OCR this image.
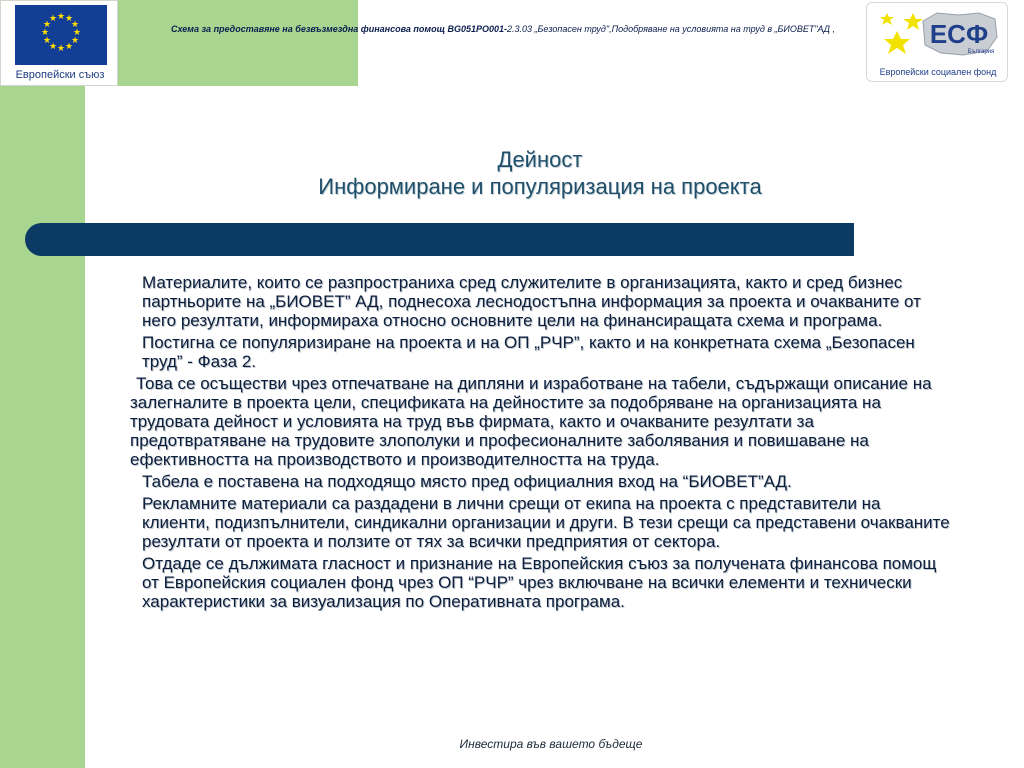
★ ★
★
★
★
★
★
★
★
★
★
★
Европейски съюз
Схема за предоставяне на безвъзмездна финансова помощ BG051PO001-2.3.03 „Безопасен труд",Подобряване на условията на труд в „БИОВЕТ"АД ,	ЕСФ
България
Европейски социален фонд
Дейност
Информиране и популяризация на проекта

Материалите, които се разпространиха сред служителите в организацията, както и сред бизнес партньорите на „БИОВЕТ” АД, поднесоха леснодостъпна информация за проекта и очакваните от него резултати, информирaхa относно основните цели на финансиращата схема и програма.

Постигна се популяризиране на проекта и на ОП „РЧР”, както и на конкретната схема „Безопасен труд” - Фаза 2.

Това се осъществи чрез отпечатване на дипляни и изработване на табели, съдържащи описание на залегналите в проекта цели, спецификата на дейностите за подобряване на организацията на трудовата дейност и условията на труд във фирмата, както и очакваните резултати за предотвратяване на трудовите злополуки и професионалните заболявания и повишаване на ефективността на производството и производителността на труда.

Табела е поставена на подходящо място пред официалния вход на “БИОВЕТ”АД.

Рекламните материали са раздадени в лични срещи от екипа на проекта с представители на клиенти, подизпълнители, синдикални организации и други. В тези срещи са представени очакваните резултати от проекта и ползите от тях за всички предприятия от сектора.

Отдаде се дължимата гласност и признание на Европейския съюз за получената финансова помощ от Европейския социален фонд чрез ОП “РЧР” чрез включване на всички елементи и технически характеристики за визуализация по Оперативната програма.

Инвестира във вашето бъдеще
